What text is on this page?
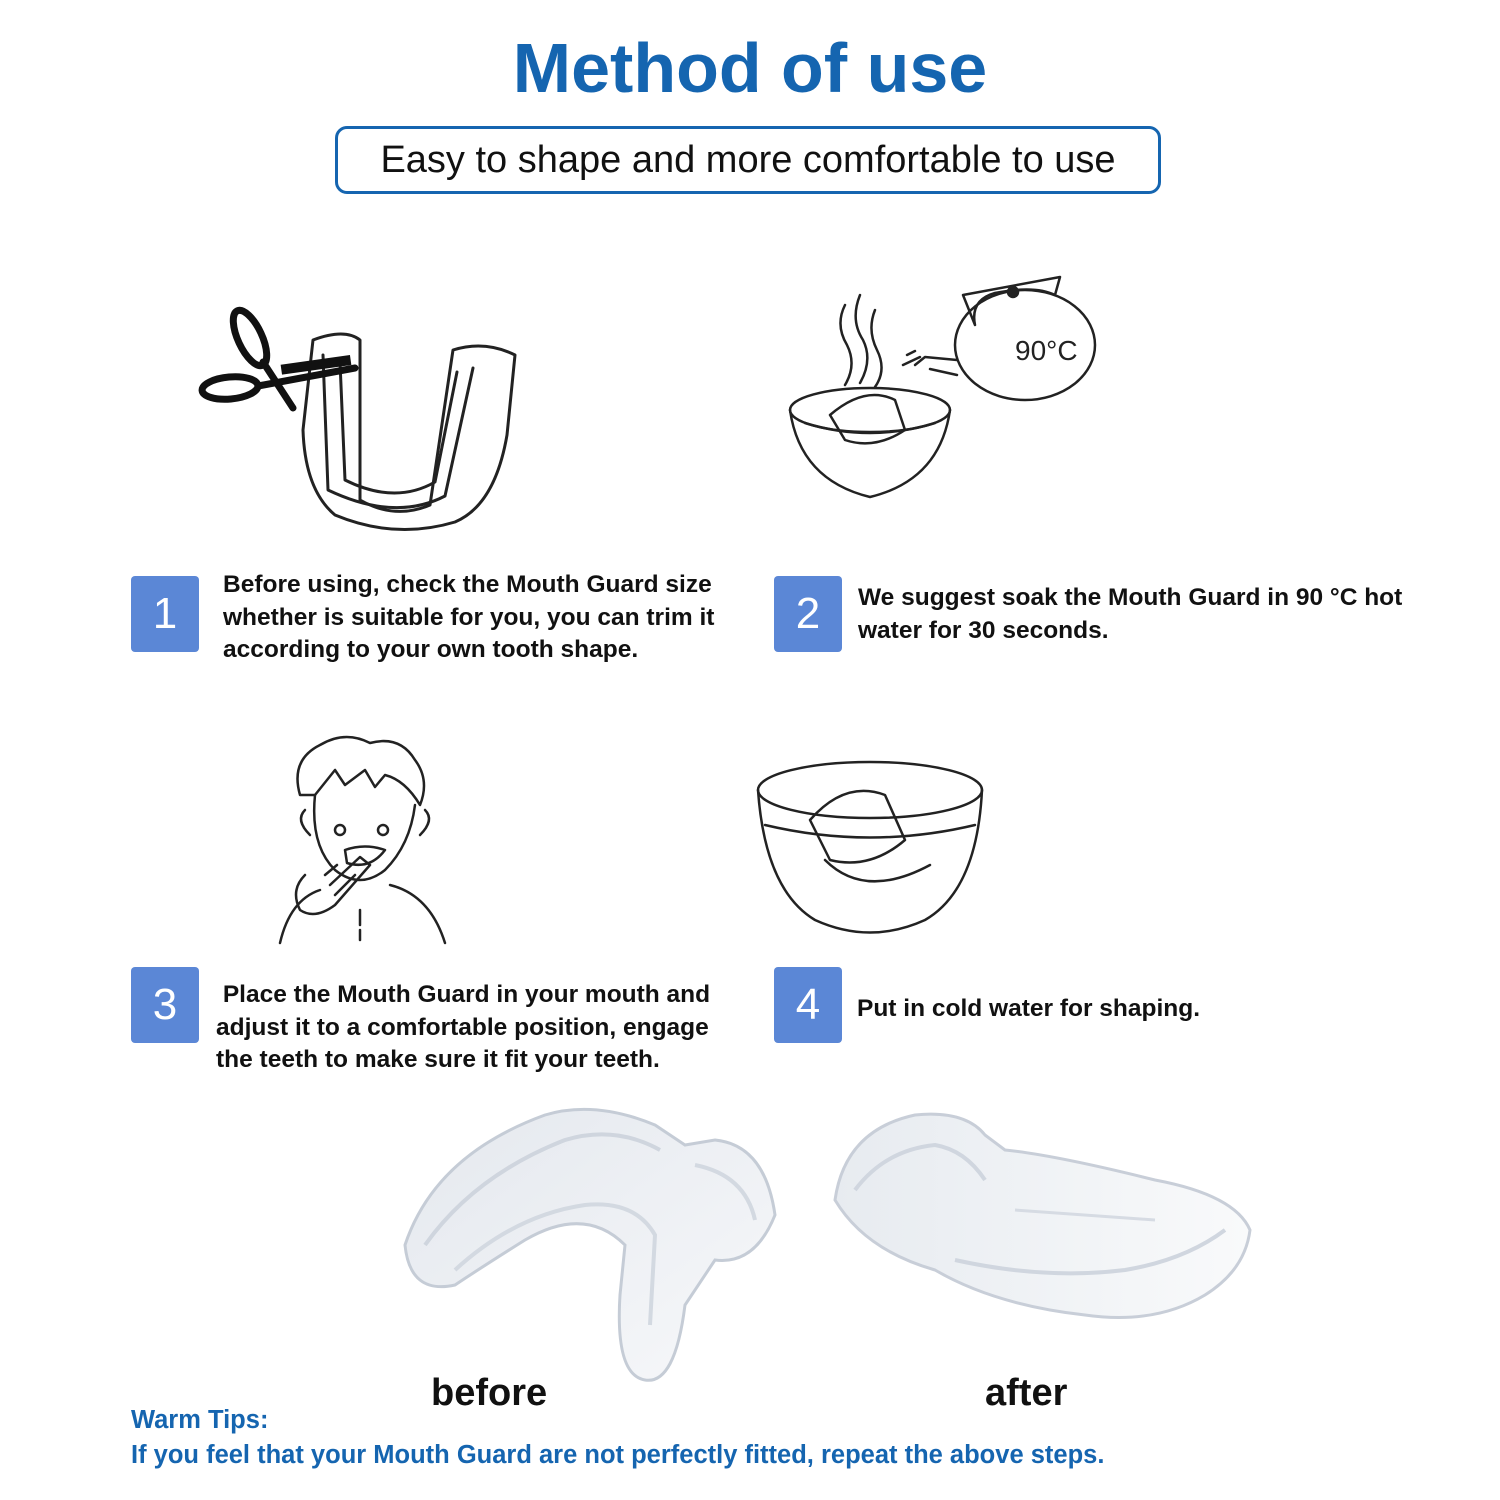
Method of use
Easy to shape and more comfortable to use
90°C
1
Before using, check the Mouth Guard size whether is suitable for you, you can trim it according to your own tooth shape.
2 We suggest soak the Mouth Guard in 90 °C hot water for 30 seconds.
3 Place the Mouth Guard in your mouth and adjust it to a comfortable position, engage the teeth to make sure it fit your teeth.
4 Put in cold water for shaping.
before	after
Warm Tips:
If you feel that your Mouth Guard are not perfectly fitted, repeat the above steps.
